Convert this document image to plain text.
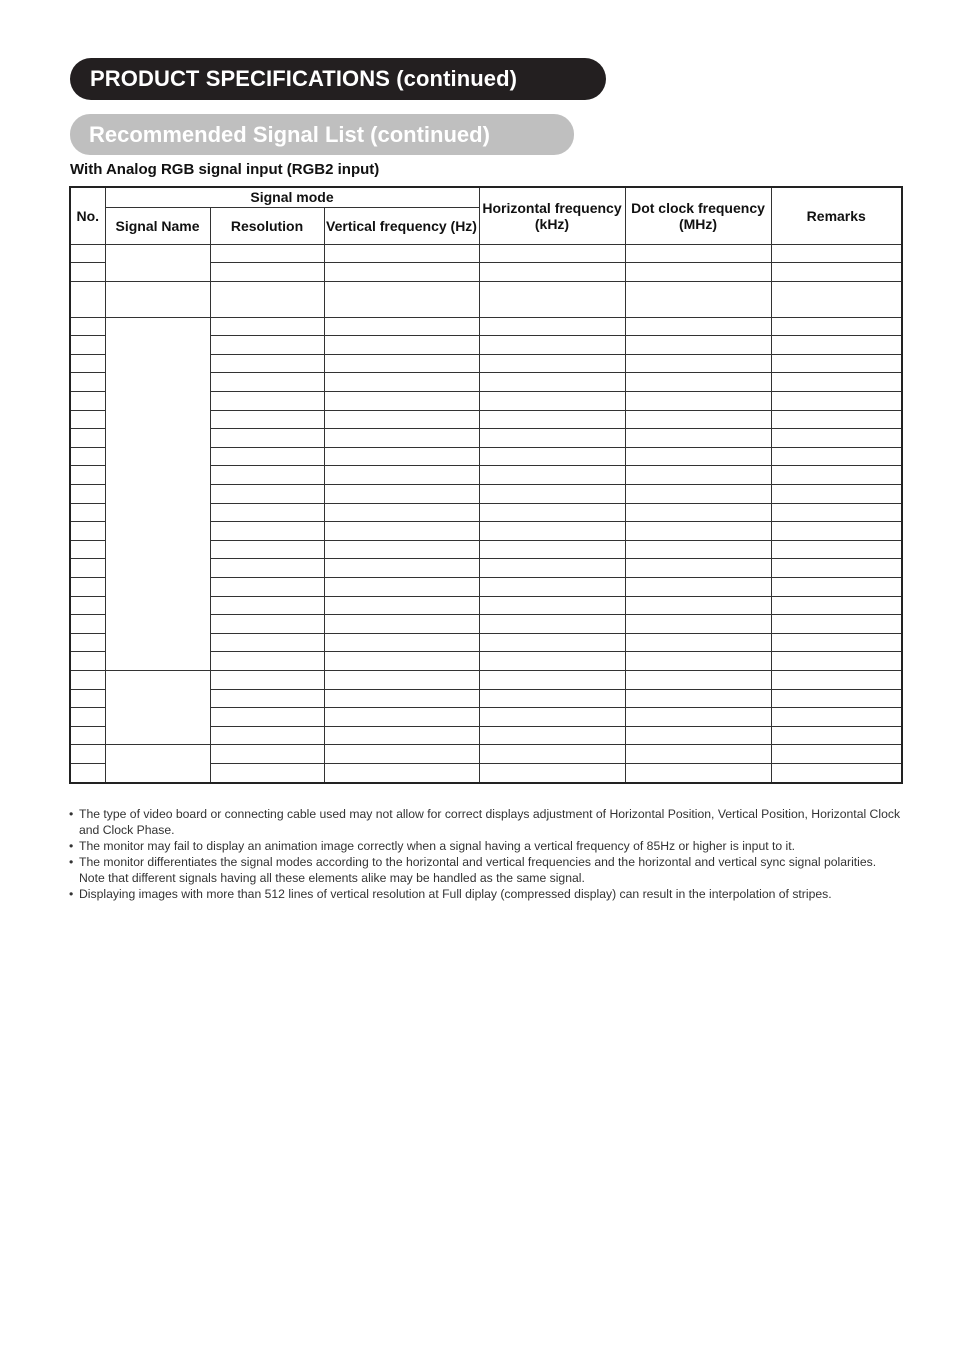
PRODUCT SPECIFICATIONS (continued)
Recommended Signal List (continued)
With Analog RGB signal input (RGB2 input)
No.	Signal mode			Horizontal frequency (kHz)	Dot clock frequency (MHz)	Remarks
	Signal Name	Resolution	Vertical frequency (Hz)			

• The type of video board or connecting cable used may not allow for correct displays adjustment of Horizontal Position, Vertical Position, Horizontal Clock and Clock Phase.
• The monitor may fail to display an animation image correctly when a signal having a vertical frequency of 85Hz or higher is input to it.
• The monitor differentiates the signal modes according to the horizontal and vertical frequencies and the horizontal and vertical sync signal polarities. Note that different signals having all these elements alike may be handled as the same signal.
• Displaying images with more than 512 lines of vertical resolution at Full diplay (compressed display) can result in the interpolation of stripes.
